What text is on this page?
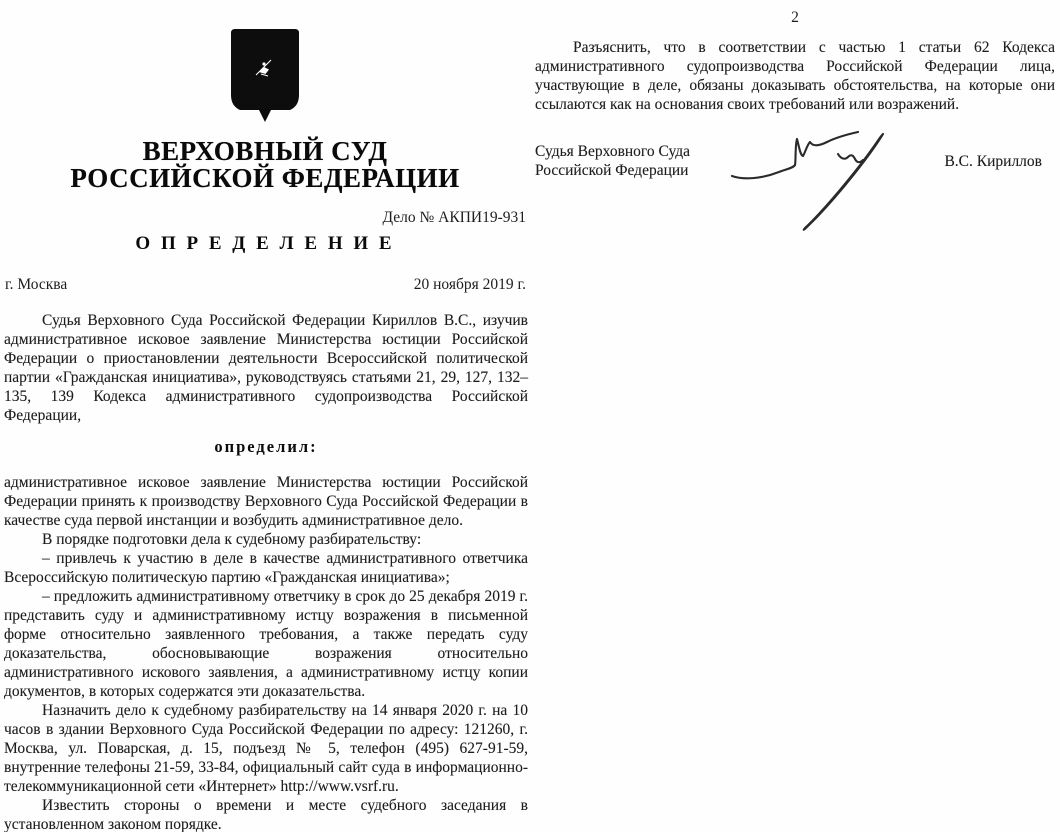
ВЕРХОВНЫЙ СУД
РОССИЙСКОЙ ФЕДЕРАЦИИ
Дело № АКПИ19-931
О П Р Е Д Е Л Е Н И Е
г. Москва	20 ноября 2019 г.

Судья Верховного Суда Российской Федерации Кириллов В.С., изучив административное исковое заявление Министерства юстиции Российской Федерации о приостановлении деятельности Всероссийской политической партии «Гражданская инициатива», руководствуясь статьями 21, 29, 127, 132–135, 139 Кодекса административного судопроизводства Российской Федерации,

определил:

административное исковое заявление Министерства юстиции Российской Федерации принять к производству Верховного Суда Российской Федерации в качестве суда первой инстанции и возбудить административное дело.

В порядке подготовки дела к судебному разбирательству:

– привлечь к участию в деле в качестве административного ответчика Всероссийскую политическую партию «Гражданская инициатива»;

– предложить административному ответчику в срок до 25 декабря 2019 г. представить суду и административному истцу возражения в письменной форме относительно заявленного требования, а также передать суду доказательства, обосновывающие возражения относительно административного искового заявления, а административному истцу копии документов, в которых содержатся эти доказательства.

Назначить дело к судебному разбирательству на 14 января 2020 г. на 10 часов в здании Верховного Суда Российской Федерации по адресу: 121260, г. Москва, ул. Поварская, д. 15, подъезд № 5, телефон (495) 627-91-59, внутренние телефоны 21-59, 33-84, официальный сайт суда в информационно-телекоммуникационной сети «Интернет» http://www.vsrf.ru.

Известить стороны о времени и месте судебного заседания в установленном законом порядке.

2

Разъяснить, что в соответствии с частью 1 статьи 62 Кодекса административного судопроизводства Российской Федерации лица, участвующие в деле, обязаны доказывать обстоятельства, на которые они ссылаются как на основания своих требований или возражений.

Судья Верховного Суда
Российской Федерации
В.С. Кириллов
